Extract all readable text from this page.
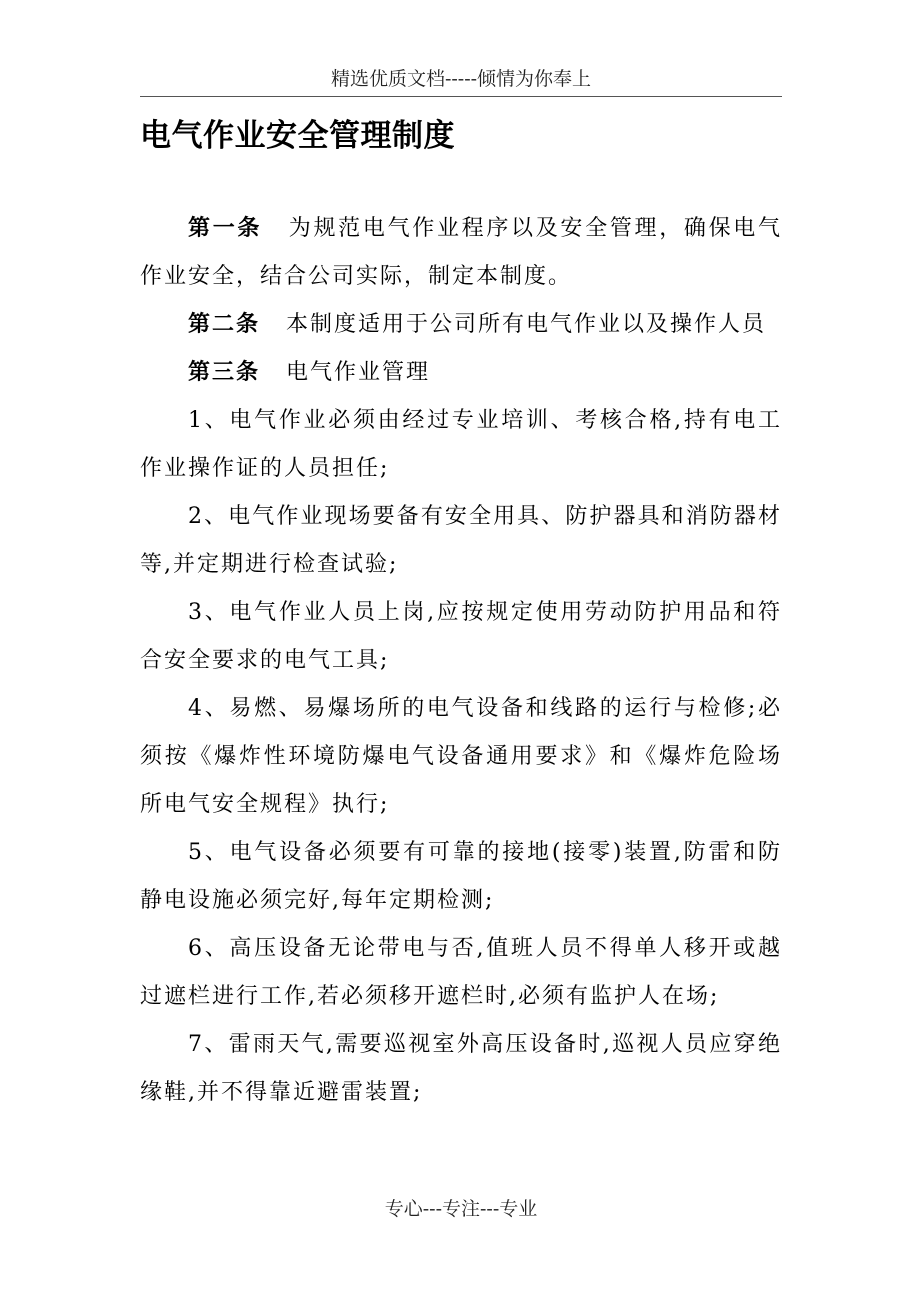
精选优质文档-----倾情为你奉上
电气作业安全管理制度

第一条 为规范电气作业程序以及安全管理，确保电气作业安全，结合公司实际，制定本制度。

第二条 本制度适用于公司所有电气作业以及操作人员

第三条 电气作业管理

1、电气作业必须由经过专业培训、考核合格,持有电工作业操作证的人员担任;

2、电气作业现场要备有安全用具、防护器具和消防器材等,并定期进行检查试验;

3、电气作业人员上岗,应按规定使用劳动防护用品和符合安全要求的电气工具;

4、易燃、易爆场所的电气设备和线路的运行与检修;必须按《爆炸性环境防爆电气设备通用要求》和《爆炸危险场所电气安全规程》执行;

5、电气设备必须要有可靠的接地(接零)装置,防雷和防静电设施必须完好,每年定期检测;

6、高压设备无论带电与否,值班人员不得单人移开或越过遮栏进行工作,若必须移开遮栏时,必须有监护人在场;

7、雷雨天气,需要巡视室外高压设备时,巡视人员应穿绝缘鞋,并不得靠近避雷装置;

专心---专注---专业
